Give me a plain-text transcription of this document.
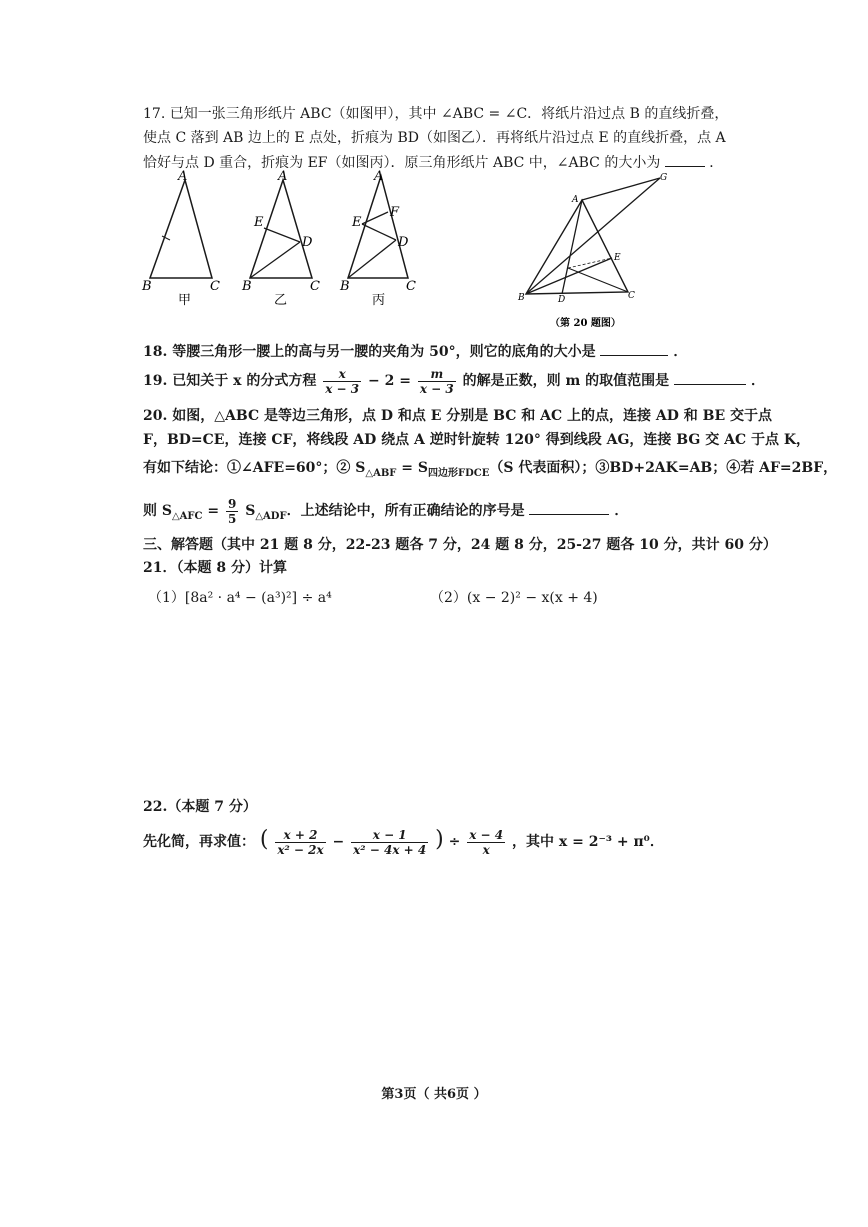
17. 已知一张三角形纸片 ABC（如图甲），其中 ∠ABC = ∠C．将纸片沿过点 B 的直线折叠，
使点 C 落到 AB 边上的 E 点处，折痕为 BD（如图乙）．再将纸片沿过点 E 的直线折叠，点 A
恰好与点 D 重合，折痕为 EF（如图丙）．原三角形纸片 ABC 中，∠ABC 的大小为	．
A
B	C
甲
A
E
D
B	C
乙
A
E
F
D
B	C
丙
A
G
E
B	D	C
（第 20 题图）
18. 等腰三角形一腰上的高与另一腰的夹角为 50°，则它的底角的大小是	．
19. 已知关于 x 的分式方程 $\frac{x}{x - 3} - 2 = \frac{m}{x - 3}$ 的解是正数，则 m 的取值范围是	．
20. 如图，△ABC 是等边三角形，点 D 和点 E 分别是 BC 和 AC 上的点，连接 AD 和 BE 交于点
F，BD=CE，连接 CF，将线段 AD 绕点 A 逆时针旋转 120° 得到线段 AG，连接 BG 交 AC 于点 K，
有如下结论：①∠AFE=60°；② $S_{\triangle ABF} = S_{四边形FDCE}(S$ 代表面积）；③BD+2AK=AB；④若 AF=2BF，
则 $S_{\triangle AFC} = \frac{9}{5} S_{\triangle ADF}$．上述结论中，所有正确结论的序号是	．
三、解答题（其中 21 题 8 分，22-23 题各 7 分，24 题 8 分，25-27 题各 10 分，共计 60 分）
21．（本题 8 分）计算
（1）[8a² · a⁴ − (a³)²] ÷ a⁴	（2）(x − 2)² − x(x + 4)
22.（本题 7 分）
先化简，再求值： ( $\frac{x + 2}{\text{x² − 2x}} - \frac{x - 1}{\text{x² − 4x + 4}}$ ) ÷ $\frac{x - 4}{x}$ ，其中 x = 2⁻³ + π⁰．
第3页（ 共6页 ）
